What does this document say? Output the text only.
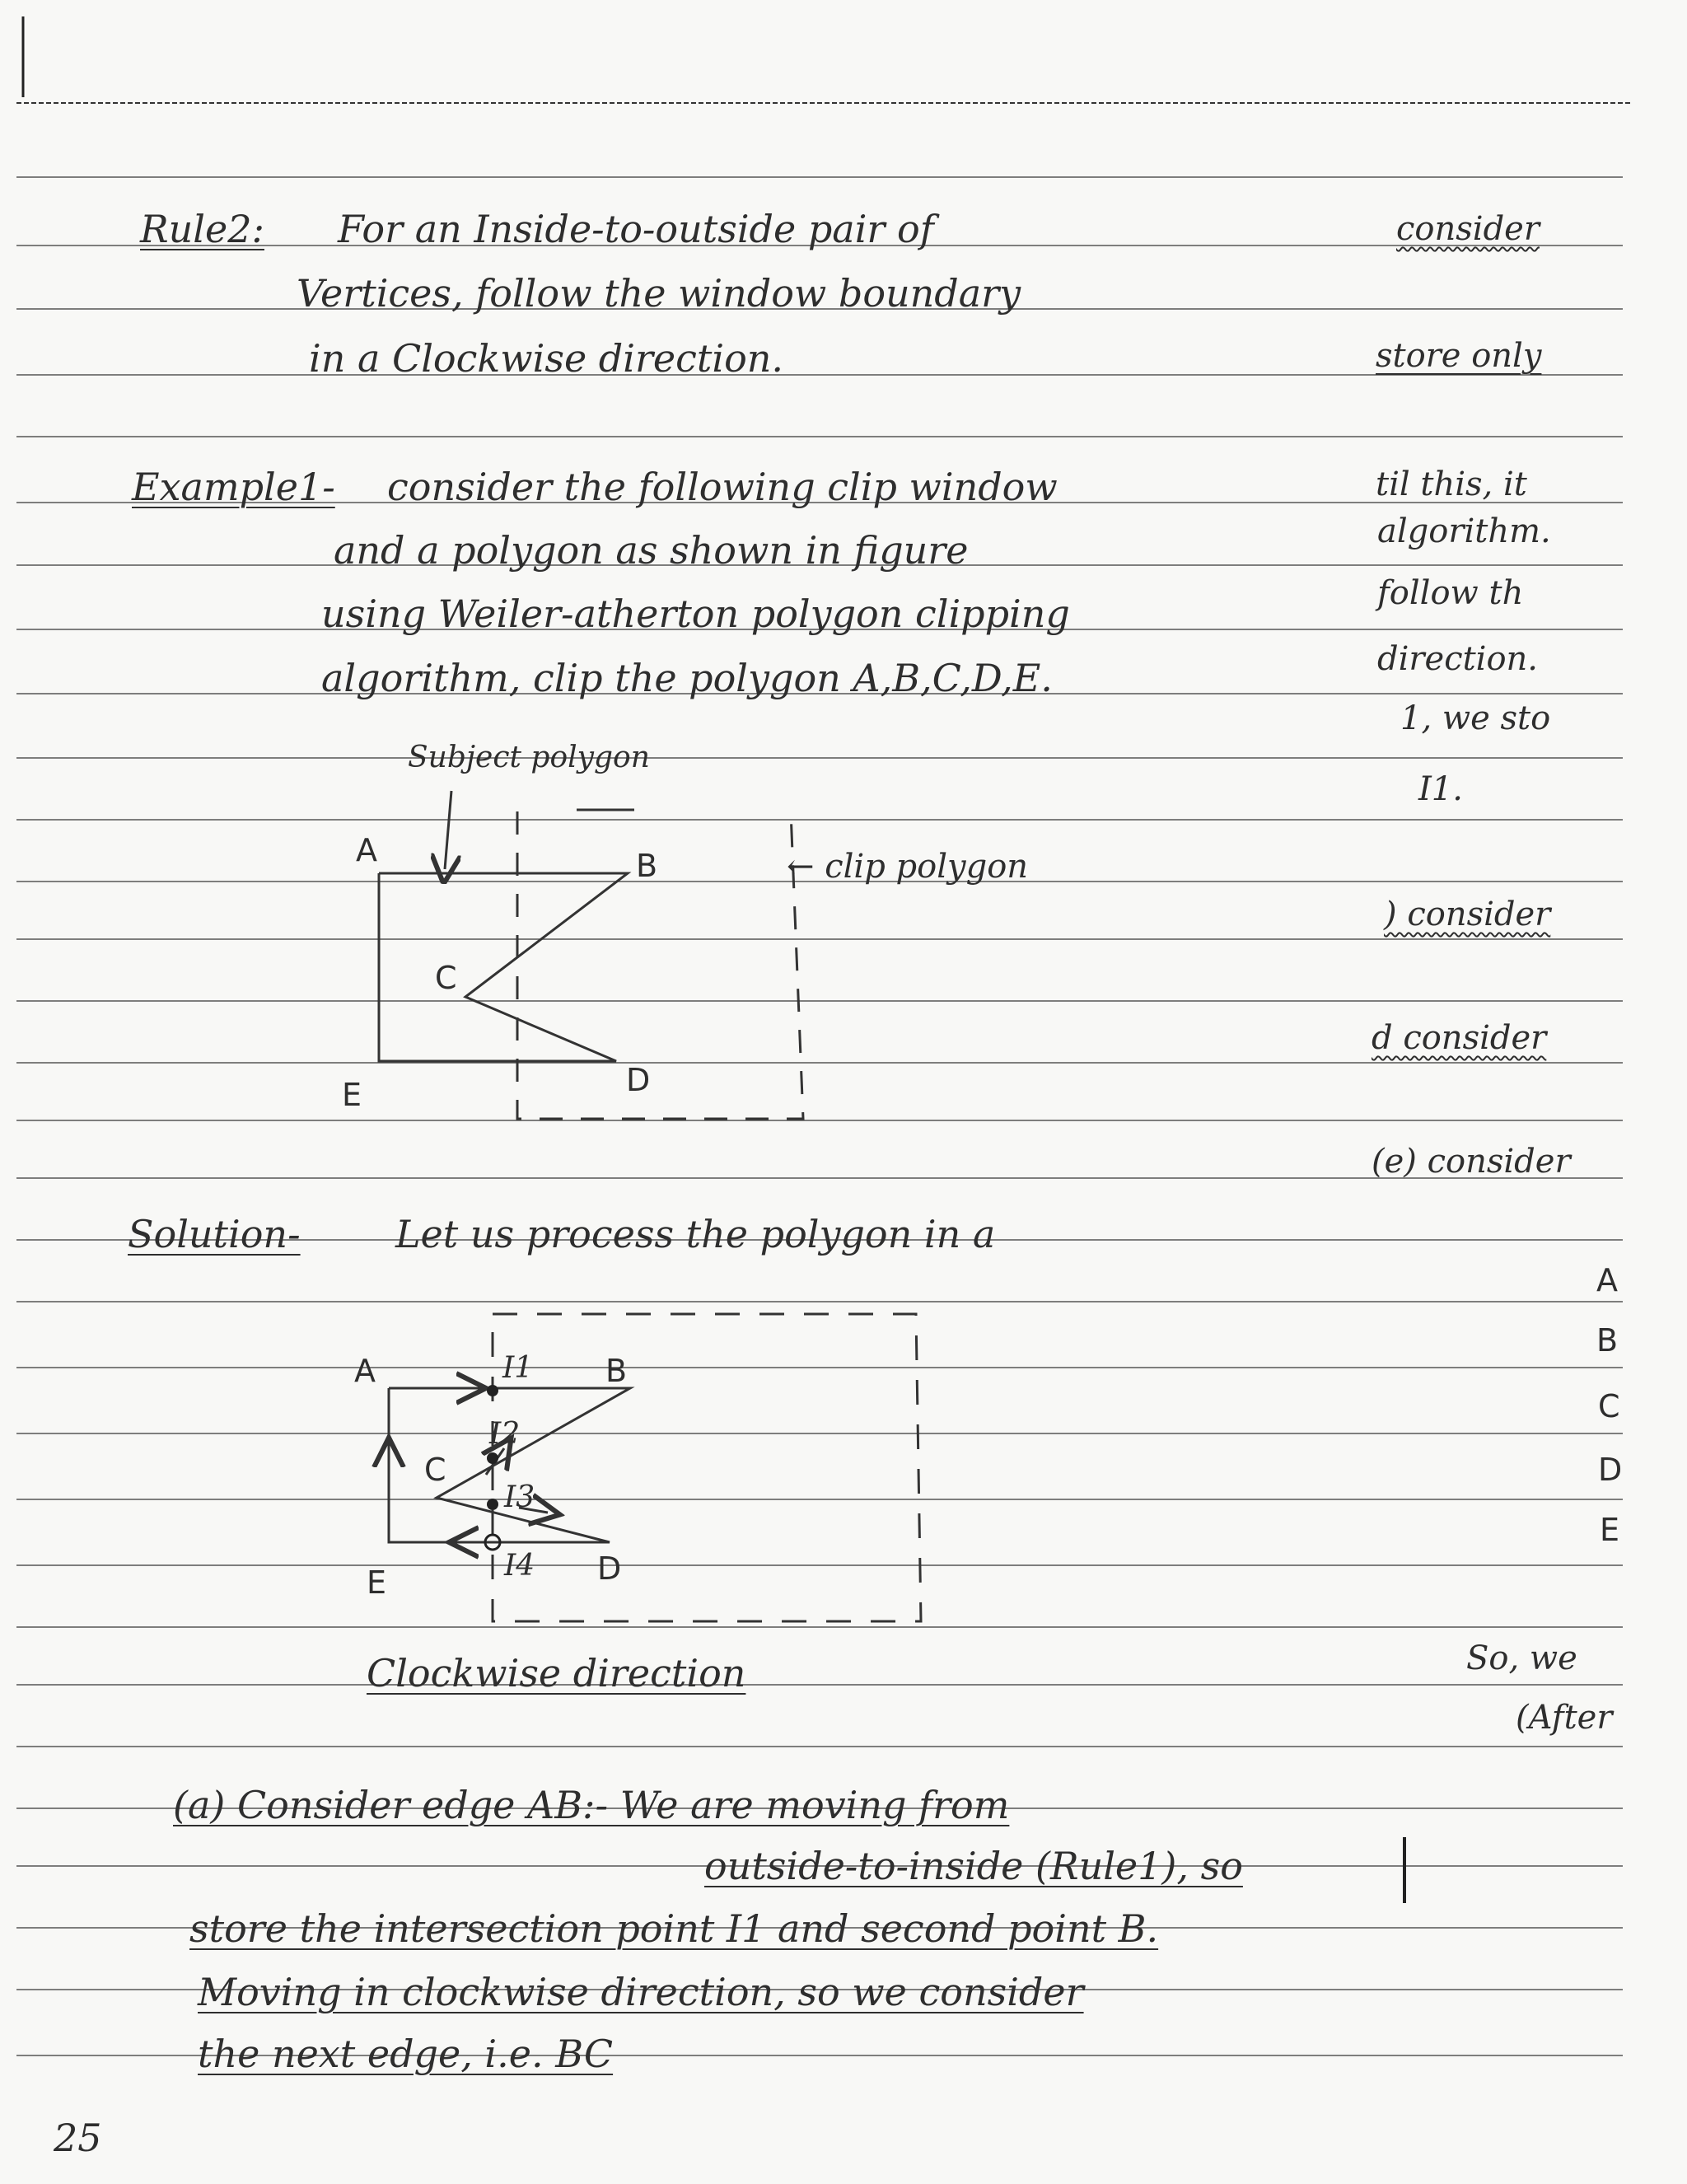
Rule2: For an Inside-to-outside pair of
Vertices, follow the window boundary
in a Clockwise direction.
Example1- consider the following clip window
and a polygon as shown in figure
using Weiler-atherton polygon clipping
algorithm, clip the polygon A,B,C,D,E.
Subject polygon
← clip polygon
A	B
C
E	D
Solution-	Let us process the polygon in a
A	B
C
E	D
I1
I2
I3
I4
Clockwise direction
(a) Consider edge AB:- We are moving from
outside-to-inside (Rule1), so
store the intersection point I1 and second point B.
Moving in clockwise direction, so we consider
the next edge, i.e. BC
consider
store only
til this, it
algorithm.
follow th
direction.
1, we sto
I1.
) consider
d consider
(e) consider
A
B
C
D
E
So, we
(After
25
